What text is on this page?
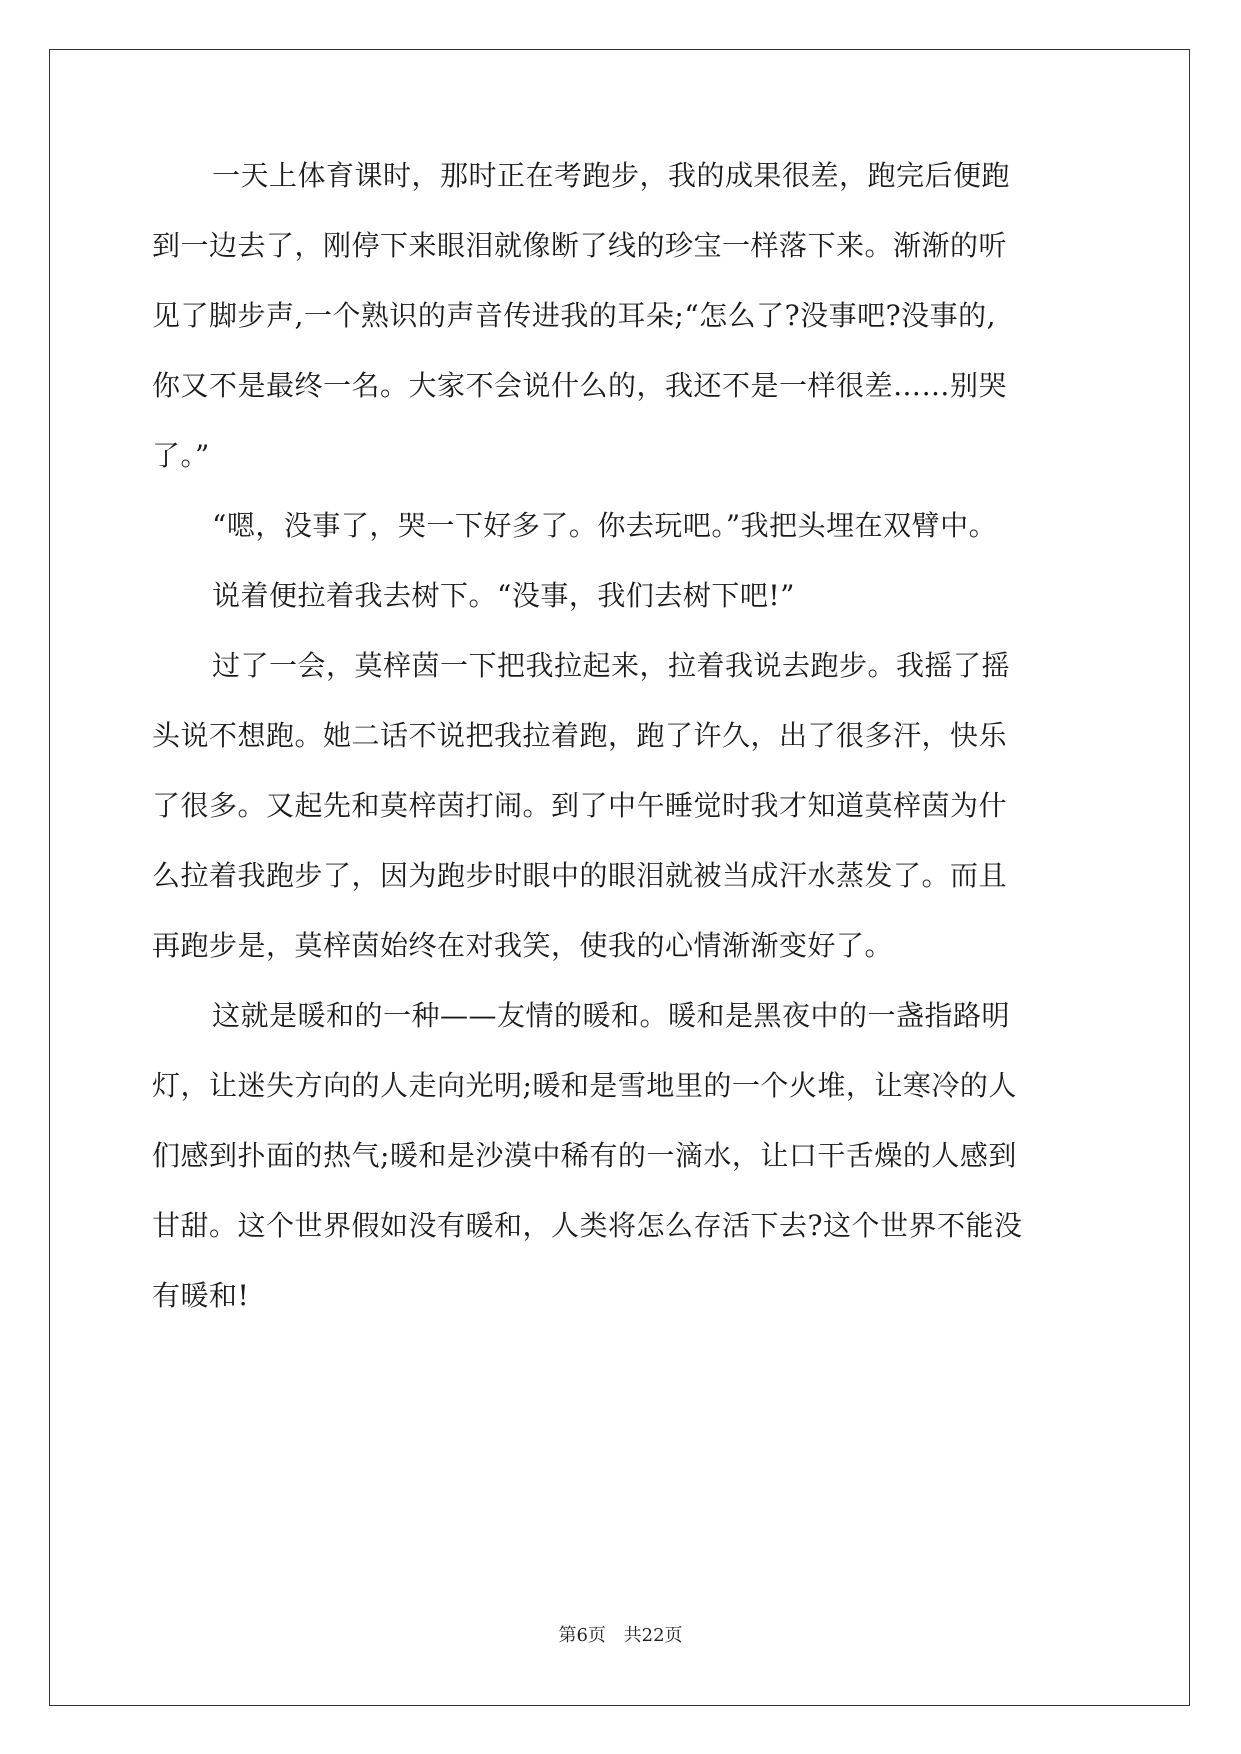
一天上体育课时，那时正在考跑步，我的成果很差，跑完后便跑
到一边去了，刚停下来眼泪就像断了线的珍宝一样落下来。渐渐的听
见了脚步声,一个熟识的声音传进我的耳朵;“怎么了?没事吧?没事的,
你又不是最终一名。大家不会说什么的，我还不是一样很差……别哭
了。”
“嗯，没事了，哭一下好多了。你去玩吧。”我把头埋在双臂中。
说着便拉着我去树下。“没事，我们去树下吧!”
过了一会，莫梓茵一下把我拉起来，拉着我说去跑步。我摇了摇
头说不想跑。她二话不说把我拉着跑，跑了许久，出了很多汗，快乐
了很多。又起先和莫梓茵打闹。到了中午睡觉时我才知道莫梓茵为什
么拉着我跑步了，因为跑步时眼中的眼泪就被当成汗水蒸发了。而且
再跑步是，莫梓茵始终在对我笑，使我的心情渐渐变好了。
这就是暖和的一种——友情的暖和。暖和是黑夜中的一盏指路明
灯，让迷失方向的人走向光明;暖和是雪地里的一个火堆，让寒冷的人
们感到扑面的热气;暖和是沙漠中稀有的一滴水，让口干舌燥的人感到
甘甜。这个世界假如没有暖和，人类将怎么存活下去?这个世界不能没
有暖和!
第6页 共22页
